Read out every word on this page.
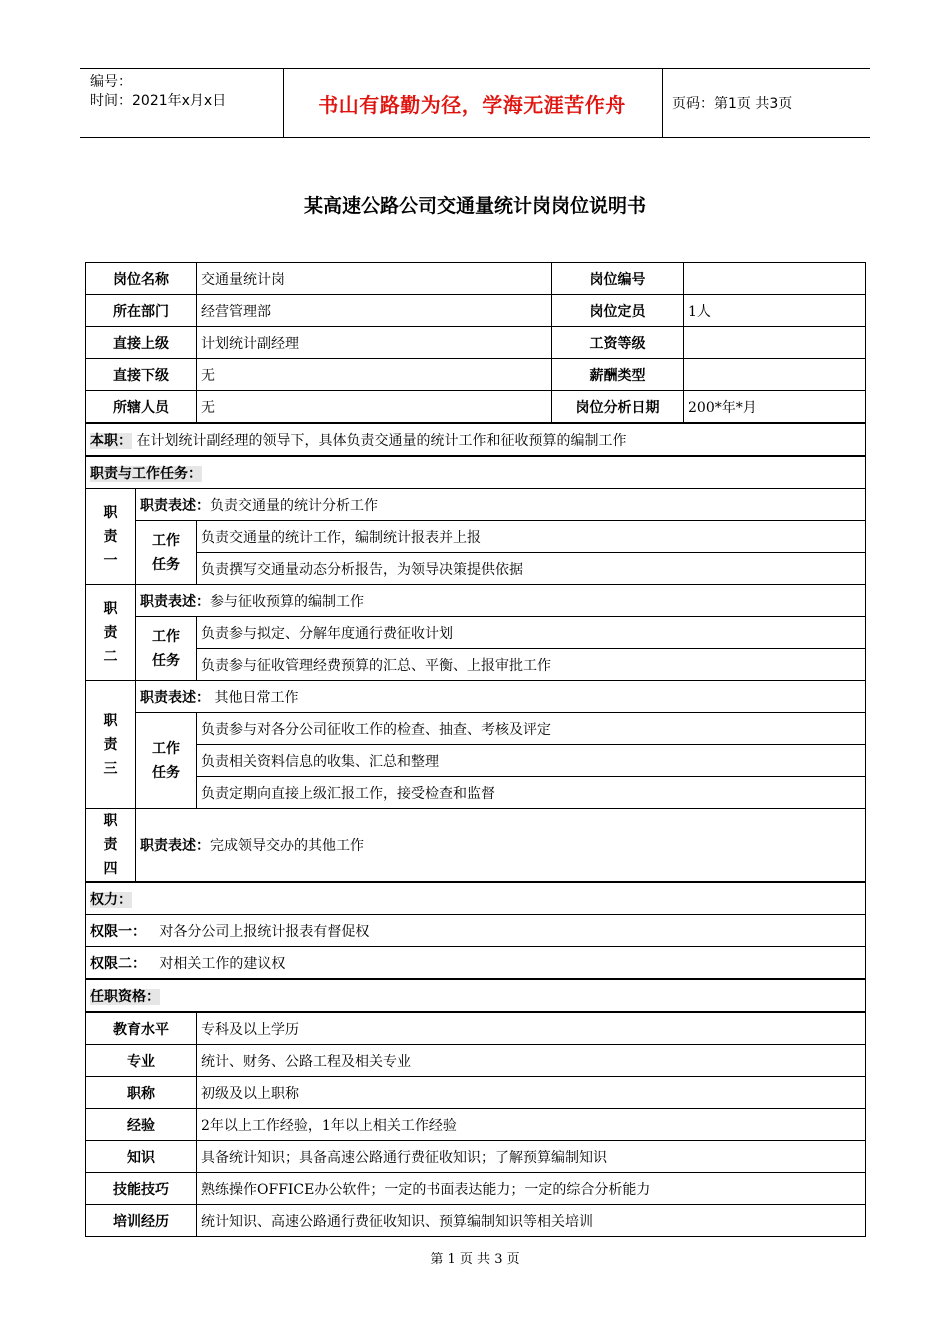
编号：
时间：2021年x月x日	书山有路勤为径，学海无涯苦作舟	页码：第1页 共3页
某高速公路公司交通量统计岗岗位说明书
岗位名称		交通量统计岗	岗位编号	
所在部门		经营管理部	岗位定员	1人
直接上级		计划统计副经理	工资等级	
直接下级		无	薪酬类型	
所辖人员		无	岗位分析日期	200*年*月
本职： 在计划统计副经理的领导下，具体负责交通量的统计工作和征收预算的编制工作				
职责与工作任务：				
职责一	职责表述：负责交通量的统计分析工作			
	工作任务	负责交通量的统计工作，编制统计报表并上报		
		负责撰写交通量动态分析报告，为领导决策提供依据		
职责二	职责表述：参与征收预算的编制工作			
	工作任务	负责参与拟定、分解年度通行费征收计划		
		负责参与征收管理经费预算的汇总、平衡、上报审批工作		
职责三	职责表述： 其他日常工作			
	工作任务	负责参与对各分公司征收工作的检查、抽查、考核及评定		
		负责相关资料信息的收集、汇总和整理		
		负责定期向直接上级汇报工作，接受检查和监督		
职责四	职责表述：完成领导交办的其他工作			
权力：				
权限一： 对各分公司上报统计报表有督促权				
权限二： 对相关工作的建议权				
任职资格：				
教育水平		专科及以上学历		
专业		统计、财务、公路工程及相关专业		
职称		初级及以上职称		
经验		2年以上工作经验，1年以上相关工作经验		
知识		具备统计知识；具备高速公路通行费征收知识；了解预算编制知识		
技能技巧		熟练操作OFFICE办公软件；一定的书面表达能力；一定的综合分析能力		
培训经历		统计知识、高速公路通行费征收知识、预算编制知识等相关培训		
第 1 页 共 3 页
